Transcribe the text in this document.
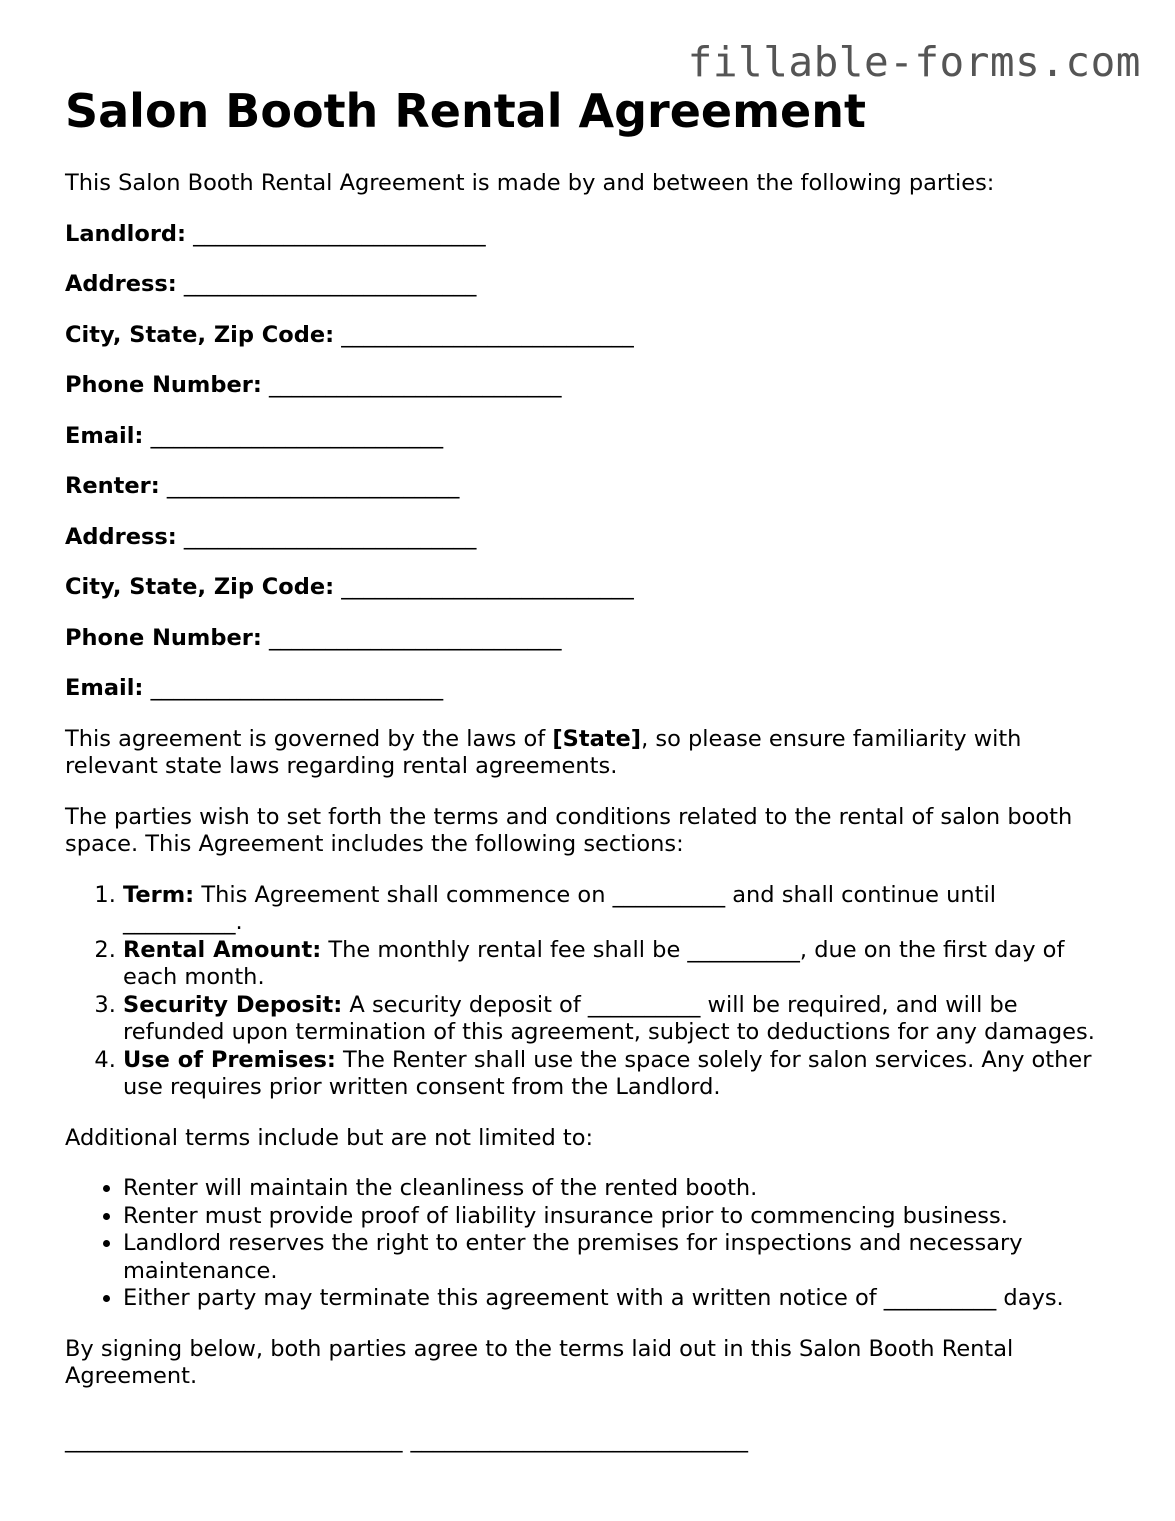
fillable-forms.com
Salon Booth Rental Agreement

This Salon Booth Rental Agreement is made by and between the following parties:

Landlord: __________________________
Address: __________________________
City, State, Zip Code: __________________________
Phone Number: __________________________
Email: __________________________
Renter: __________________________
Address: __________________________
City, State, Zip Code: __________________________
Phone Number: __________________________
Email: __________________________

This agreement is governed by the laws of [State], so please ensure familiarity with relevant state laws regarding rental agreements.

The parties wish to set forth the terms and conditions related to the rental of salon booth space. This Agreement includes the following sections:

1. Term: This Agreement shall commence on __________ and shall continue until __________.
2. Rental Amount: The monthly rental fee shall be __________, due on the first day of each month.
3. Security Deposit: A security deposit of __________ will be required, and will be refunded upon termination of this agreement, subject to deductions for any damages.
4. Use of Premises: The Renter shall use the space solely for salon services. Any other use requires prior written consent from the Landlord.

Additional terms include but are not limited to:

• Renter will maintain the cleanliness of the rented booth.
• Renter must provide proof of liability insurance prior to commencing business.
• Landlord reserves the right to enter the premises for inspections and necessary maintenance.
• Either party may terminate this agreement with a written notice of __________ days.

By signing below, both parties agree to the terms laid out in this Salon Booth Rental Agreement.

______________________________ ______________________________
